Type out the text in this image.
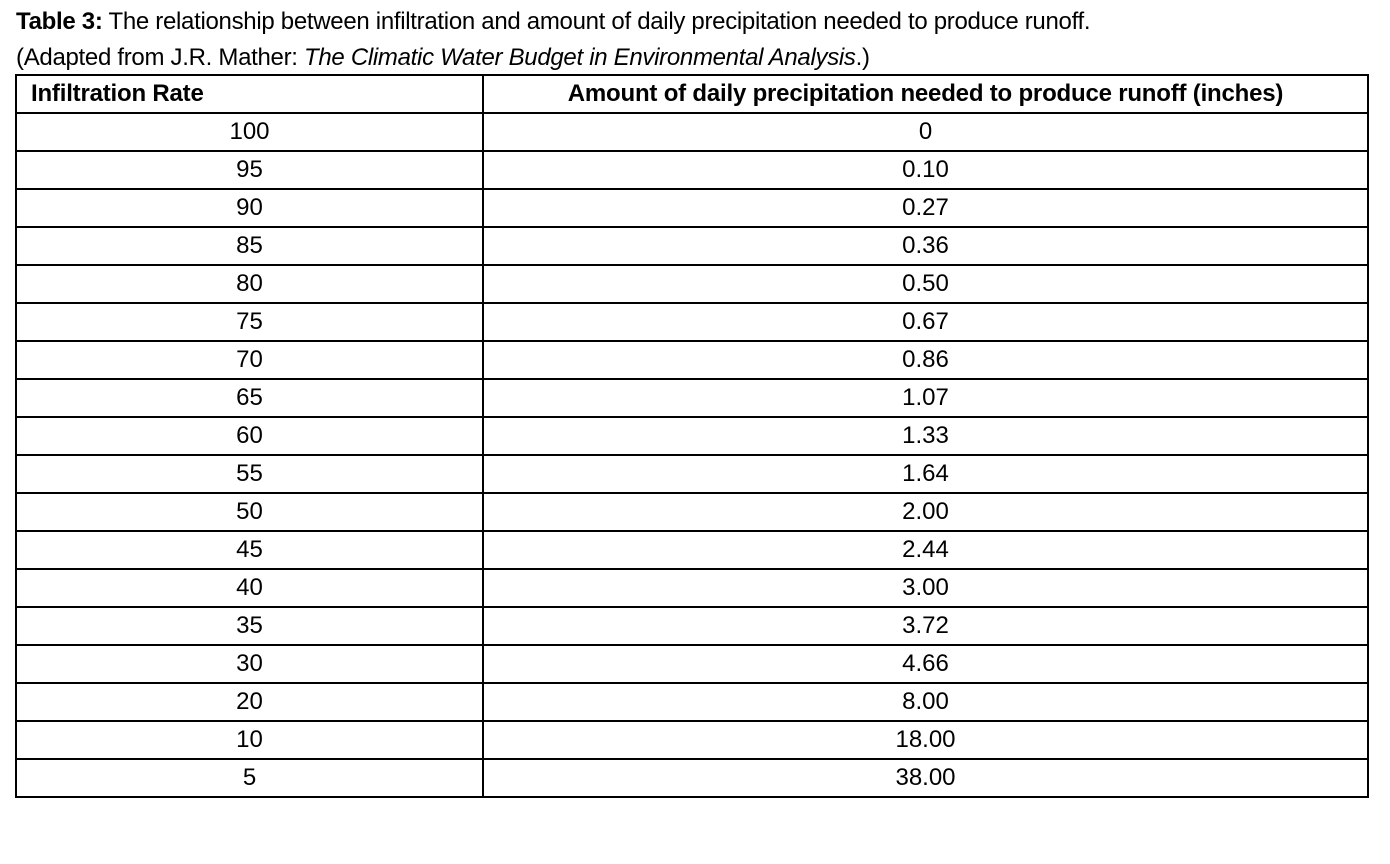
Table 3: The relationship between infiltration and amount of daily precipitation needed to produce runoff.
(Adapted from J.R. Mather: The Climatic Water Budget in Environmental Analysis.)
Infiltration Rate	Amount of daily precipitation needed to produce runoff (inches)
100	0
95	0.10
90	0.27
85	0.36
80	0.50
75	0.67
70	0.86
65	1.07
60	1.33
55	1.64
50	2.00
45	2.44
40	3.00
35	3.72
30	4.66
20	8.00
10	18.00
5	38.00
